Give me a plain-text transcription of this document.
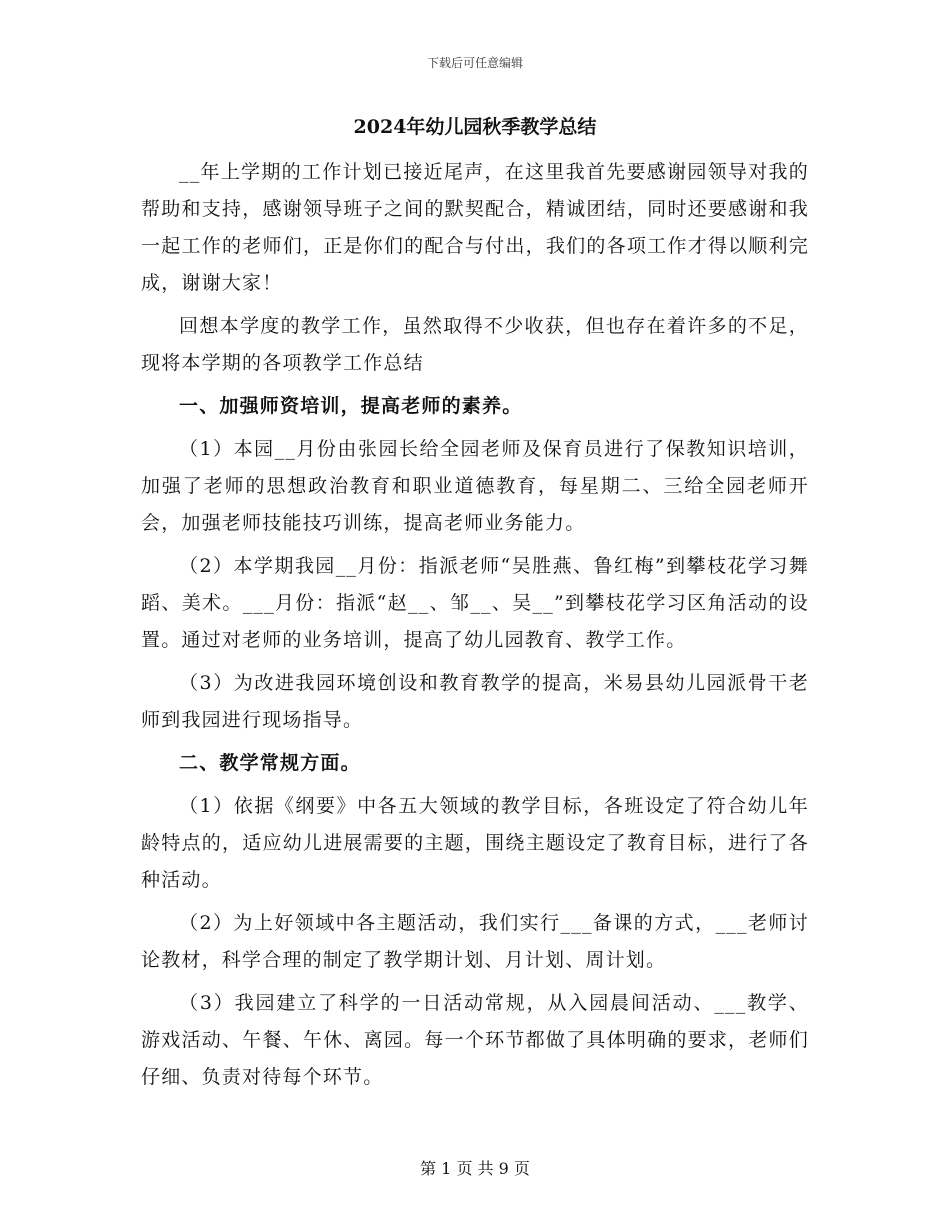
下载后可任意编辑
2024年幼儿园秋季教学总结

__年上学期的工作计划已接近尾声，在这里我首先要感谢园领导对我的帮助和支持，感谢领导班子之间的默契配合，精诚团结，同时还要感谢和我一起工作的老师们，正是你们的配合与付出，我们的各项工作才得以顺利完成，谢谢大家！

回想本学度的教学工作，虽然取得不少收获，但也存在着许多的不足，现将本学期的各项教学工作总结

一、加强师资培训，提高老师的素养。

（1）本园__月份由张园长给全园老师及保育员进行了保教知识培训，加强了老师的思想政治教育和职业道德教育，每星期二、三给全园老师开会，加强老师技能技巧训练，提高老师业务能力。

（2）本学期我园__月份：指派老师“吴胜燕、鲁红梅”到攀枝花学习舞蹈、美术。___月份：指派“赵__、邹__、吴__”到攀枝花学习区角活动的设置。通过对老师的业务培训，提高了幼儿园教育、教学工作。

（3）为改进我园环境创设和教育教学的提高，米易县幼儿园派骨干老师到我园进行现场指导。

二、教学常规方面。

（1）依据《纲要》中各五大领域的教学目标，各班设定了符合幼儿年龄特点的，适应幼儿进展需要的主题，围绕主题设定了教育目标，进行了各种活动。

（2）为上好领域中各主题活动，我们实行___备课的方式，___老师讨论教材，科学合理的制定了教学期计划、月计划、周计划。

（3）我园建立了科学的一日活动常规，从入园晨间活动、___教学、游戏活动、午餐、午休、离园。每一个环节都做了具体明确的要求，老师们仔细、负责对待每个环节。

第 1 页 共 9 页
